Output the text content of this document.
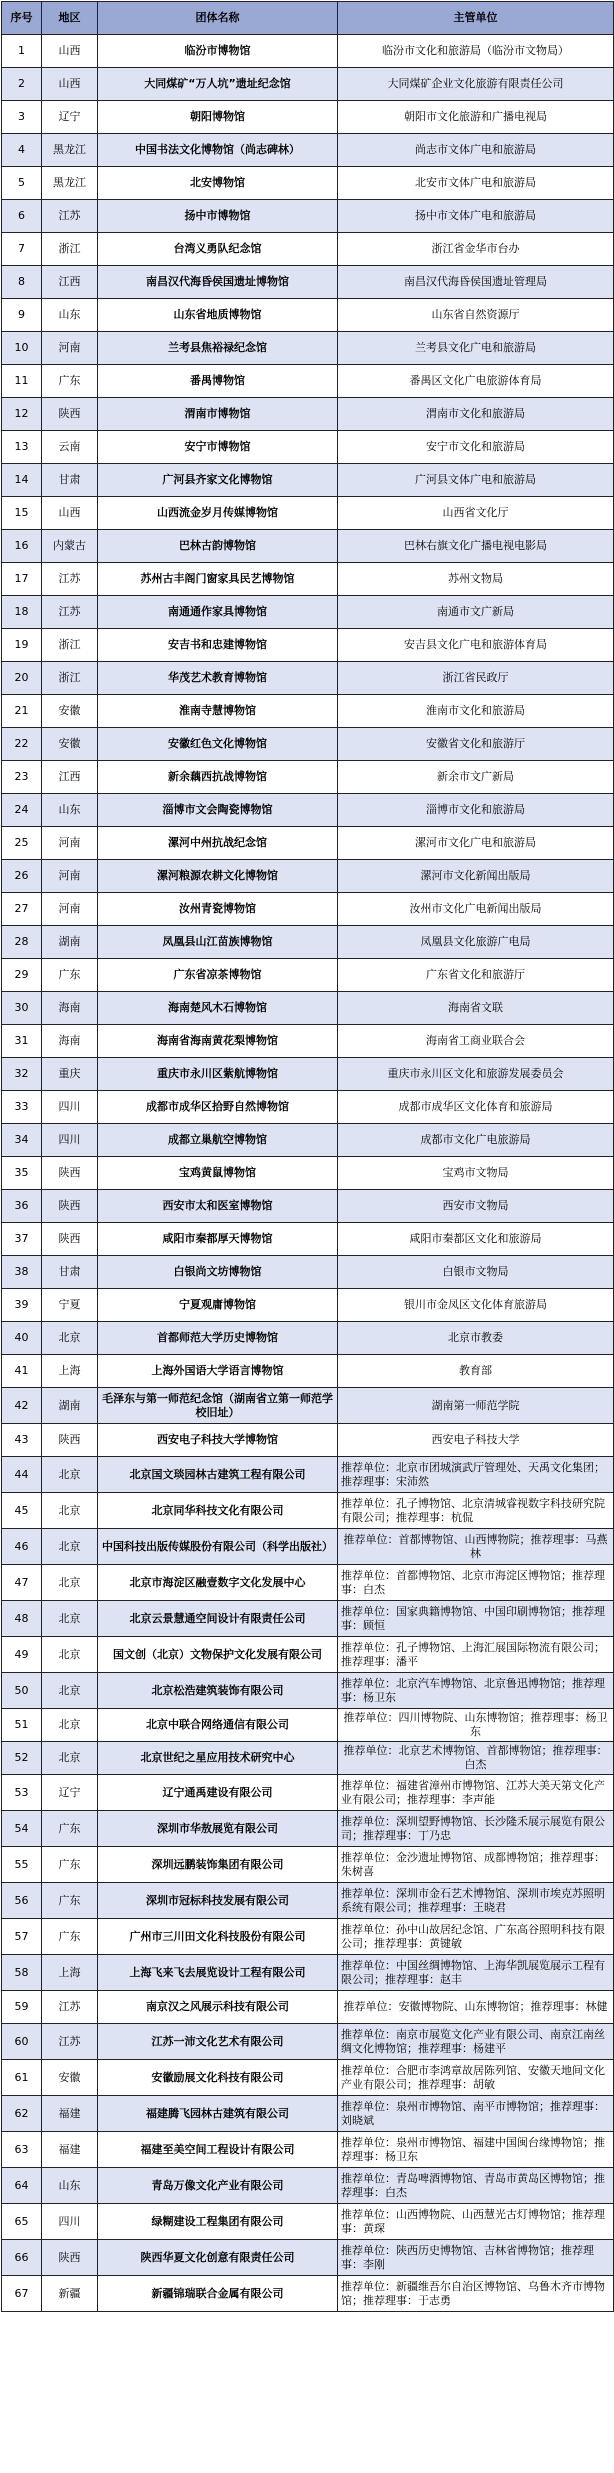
序号	地区	团体名称	主管单位
1	山西	临汾市博物馆	临汾市文化和旅游局（临汾市文物局）
2	山西	大同煤矿“万人坑”遗址纪念馆	大同煤矿企业文化旅游有限责任公司
3	辽宁	朝阳博物馆	朝阳市文化旅游和广播电视局
4	黑龙江	中国书法文化博物馆（尚志碑林）	尚志市文体广电和旅游局
5	黑龙江	北安博物馆	北安市文体广电和旅游局
6	江苏	扬中市博物馆	扬中市文体广电和旅游局
7	浙江	台湾义勇队纪念馆	浙江省金华市台办
8	江西	南昌汉代海昏侯国遗址博物馆	南昌汉代海昏侯国遗址管理局
9	山东	山东省地质博物馆	山东省自然资源厅
10	河南	兰考县焦裕禄纪念馆	兰考县文化广电和旅游局
11	广东	番禺博物馆	番禺区文化广电旅游体育局
12	陕西	渭南市博物馆	渭南市文化和旅游局
13	云南	安宁市博物馆	安宁市文化和旅游局
14	甘肃	广河县齐家文化博物馆	广河县文体广电和旅游局
15	山西	山西流金岁月传媒博物馆	山西省文化厅
16	内蒙古	巴林古韵博物馆	巴林右旗文化广播电视电影局
17	江苏	苏州古丰阁门窗家具民艺博物馆	苏州文物局
18	江苏	南通通作家具博物馆	南通市文广新局
19	浙江	安吉书和忠建博物馆	安吉县文化广电和旅游体育局
20	浙江	华茂艺术教育博物馆	浙江省民政厅
21	安徽	淮南寺慧博物馆	淮南市文化和旅游局
22	安徽	安徽红色文化博物馆	安徽省文化和旅游厅
23	江西	新余藕西抗战博物馆	新余市文广新局
24	山东	淄博市文会陶瓷博物馆	淄博市文化和旅游局
25	河南	漯河中州抗战纪念馆	漯河市文化广电和旅游局
26	河南	漯河粮源农耕文化博物馆	漯河市文化新闻出版局
27	河南	汝州青瓷博物馆	汝州市文化广电新闻出版局
28	湖南	凤凰县山江苗族博物馆	凤凰县文化旅游广电局
29	广东	广东省凉茶博物馆	广东省文化和旅游厅
30	海南	海南楚风木石博物馆	海南省文联
31	海南	海南省海南黄花梨博物馆	海南省工商业联合会
32	重庆	重庆市永川区紫航博物馆	重庆市永川区文化和旅游发展委员会
33	四川	成都市成华区拾野自然博物馆	成都市成华区文化体育和旅游局
34	四川	成都立巢航空博物馆	成都市文化广电旅游局
35	陕西	宝鸡黄鼠博物馆	宝鸡市文物局
36	陕西	西安市太和医室博物馆	西安市文物局
37	陕西	咸阳市秦都厚天博物馆	咸阳市秦都区文化和旅游局
38	甘肃	白银尚文坊博物馆	白银市文物局
39	宁夏	宁夏观庸博物馆	银川市金凤区文化体育旅游局
40	北京	首都师范大学历史博物馆	北京市教委
41	上海	上海外国语大学语言博物馆	教育部
42	湖南	毛泽东与第一师范纪念馆（湖南省立第一师范学校旧址）	湖南第一师范学院
43	陕西	西安电子科技大学博物馆	西安电子科技大学
44	北京	北京国文琰园林古建筑工程有限公司	推荐单位：北京市团城演武厅管理处、天禹文化集团；推荐理事：宋沛然
45	北京	北京同华科技文化有限公司	推荐单位：孔子博物馆、北京清城睿视数字科技研究院有限公司；推荐理事：杭侃
46	北京	中国科技出版传媒股份有限公司（科学出版社）	推荐单位：首都博物馆、山西博物院；推荐理事：马燕林
47	北京	北京市海淀区融壹数字文化发展中心	推荐单位：首都博物馆、北京市海淀区博物馆；推荐理事：白杰
48	北京	北京云景慧通空间设计有限责任公司	推荐单位：国家典籍博物馆、中国印刷博物馆；推荐理事：顾恒
49	北京	国文创（北京）文物保护文化发展有限公司	推荐单位：孔子博物馆、上海汇展国际物流有限公司；推荐理事：潘平
50	北京	北京松浩建筑装饰有限公司	推荐单位：北京汽车博物馆、北京鲁迅博物馆；推荐理事：杨卫东
51	北京	北京中联合网络通信有限公司	推荐单位：四川博物院、山东博物馆；推荐理事：杨卫东
52	北京	北京世纪之星应用技术研究中心	推荐单位：北京艺术博物馆、首都博物馆；推荐理事：白杰
53	辽宁	辽宁通禹建设有限公司	推荐单位：福建省漳州市博物馆、江苏大美天第文化产业有限公司；推荐理事：李声能
54	广东	深圳市华敖展览有限公司	推荐单位：深圳望野博物馆、长沙隆禾展示展览有限公司；推荐理事：丁乃忠
55	广东	深圳远鹏装饰集团有限公司	推荐单位：金沙遗址博物馆、成都博物馆；推荐理事：朱树喜
56	广东	深圳市冠标科技发展有限公司	推荐单位：深圳市金石艺术博物馆、深圳市埃克苏照明系统有限公司；推荐理事：王晓君
57	广东	广州市三川田文化科技股份有限公司	推荐单位：孙中山故居纪念馆、广东高谷照明科技有限公司；推荐理事：黄键敏
58	上海	上海飞来飞去展览设计工程有限公司	推荐单位：中国丝绸博物馆、上海华凯展览展示工程有限公司；推荐理事：赵丰
59	江苏	南京汉之风展示科技有限公司	推荐单位：安徽博物院、山东博物馆；推荐理事：林健
60	江苏	江苏一沛文化艺术有限公司	推荐单位：南京市展览文化产业有限公司、南京江南丝绸文化博物馆；推荐理事：杨建平
61	安徽	安徽励展文化科技有限公司	推荐单位：合肥市李鸿章故居陈列馆、安徽天地间文化产业有限公司；推荐理事：胡敏
62	福建	福建腾飞园林古建筑有限公司	推荐单位：泉州市博物馆、南平市博物馆；推荐理事：刘晓斌
63	福建	福建至美空间工程设计有限公司	推荐单位：泉州市博物馆、福建中国闽台缘博物馆；推荐理事：杨卫东
64	山东	青岛万像文化产业有限公司	推荐单位：青岛啤酒博物馆、青岛市黄岛区博物馆；推荐理事：白杰
65	四川	绿糊建设工程集团有限公司	推荐单位：山西博物院、山西慧光古灯博物馆；推荐理事：黄琛
66	陕西	陕西华夏文化创意有限责任公司	推荐单位：陕西历史博物馆、吉林省博物馆；推荐理事：李刚
67	新疆	新疆锦瑞联合金属有限公司	推荐单位：新疆维吾尔自治区博物馆、乌鲁木齐市博物馆；推荐理事：于志勇
